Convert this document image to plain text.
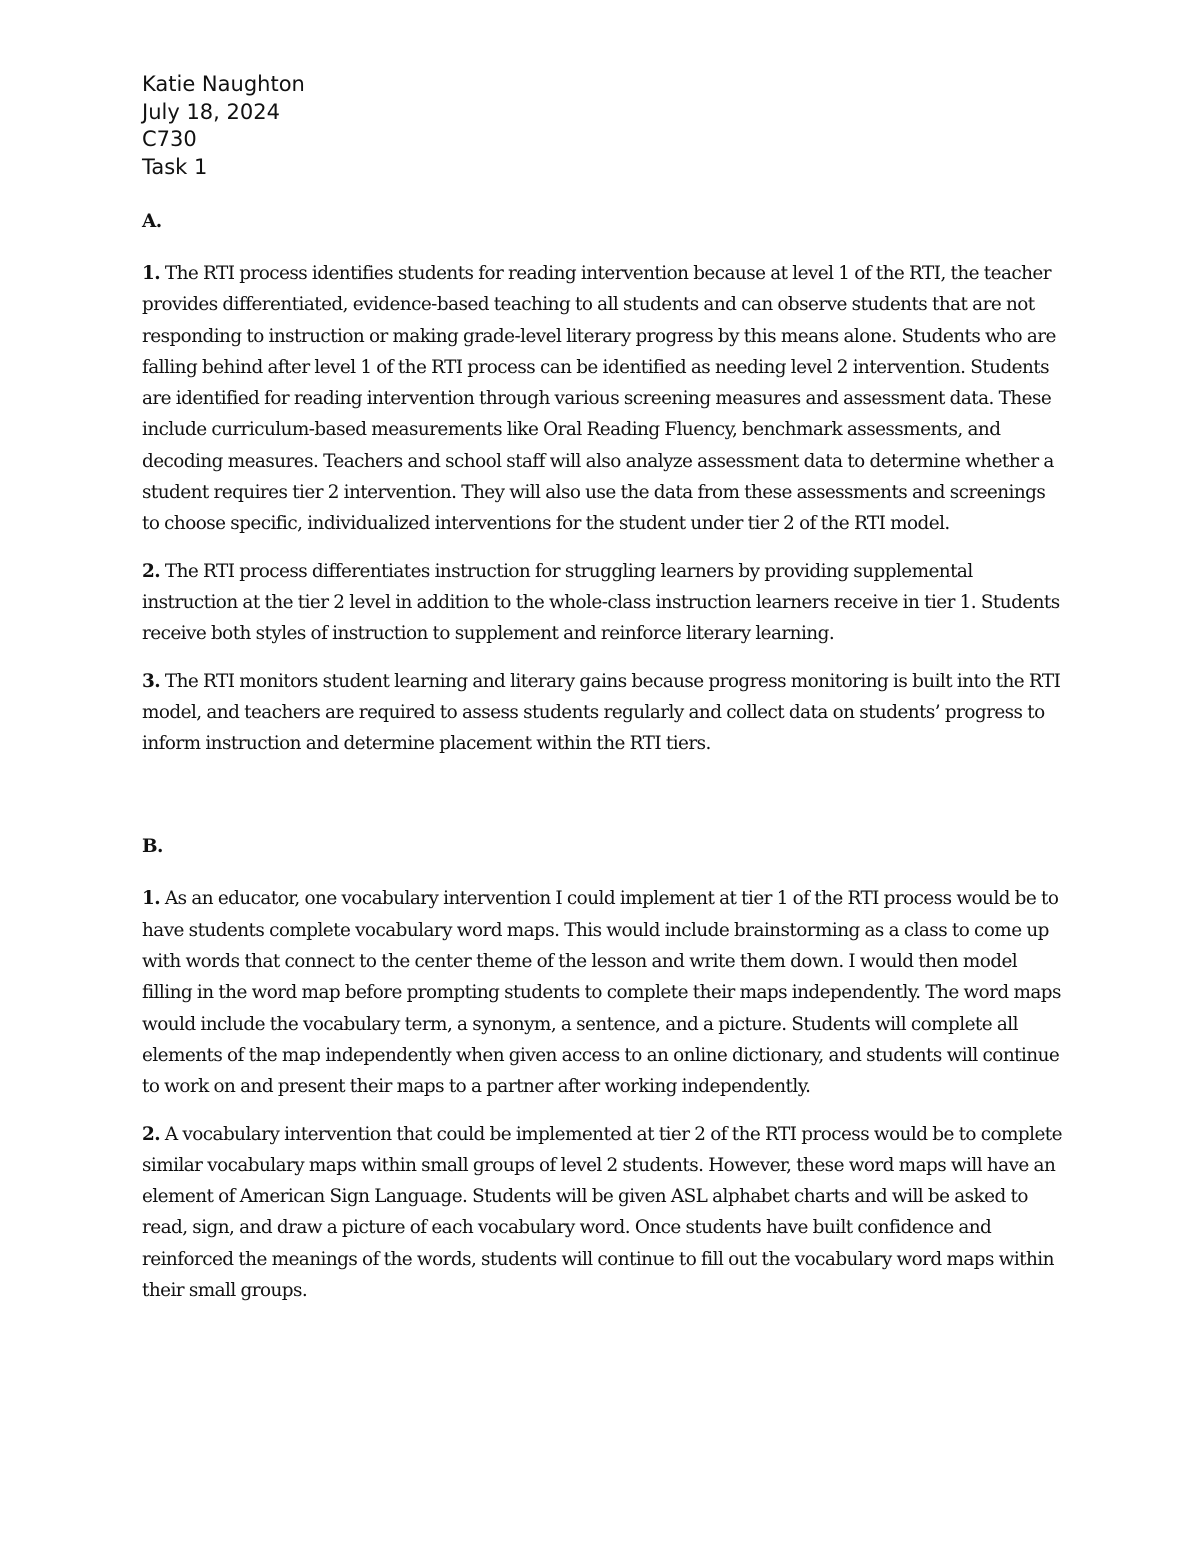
Katie Naughton
July 18, 2024
C730
Task 1

A.

1. The RTI process identifies students for reading intervention because at level 1 of the RTI, the teacher provides differentiated, evidence-based teaching to all students and can observe students that are not responding to instruction or making grade-level literary progress by this means alone. Students who are falling behind after level 1 of the RTI process can be identified as needing level 2 intervention. Students are identified for reading intervention through various screening measures and assessment data. These include curriculum-based measurements like Oral Reading Fluency, benchmark assessments, and decoding measures. Teachers and school staff will also analyze assessment data to determine whether a student requires tier 2 intervention. They will also use the data from these assessments and screenings to choose specific, individualized interventions for the student under tier 2 of the RTI model.

2. The RTI process differentiates instruction for struggling learners by providing supplemental instruction at the tier 2 level in addition to the whole-class instruction learners receive in tier 1. Students receive both styles of instruction to supplement and reinforce literary learning.

3. The RTI monitors student learning and literary gains because progress monitoring is built into the RTI model, and teachers are required to assess students regularly and collect data on students’ progress to inform instruction and determine placement within the RTI tiers.

B.

1. As an educator, one vocabulary intervention I could implement at tier 1 of the RTI process would be to have students complete vocabulary word maps. This would include brainstorming as a class to come up with words that connect to the center theme of the lesson and write them down. I would then model filling in the word map before prompting students to complete their maps independently. The word maps would include the vocabulary term, a synonym, a sentence, and a picture. Students will complete all elements of the map independently when given access to an online dictionary, and students will continue to work on and present their maps to a partner after working independently.

2. A vocabulary intervention that could be implemented at tier 2 of the RTI process would be to complete similar vocabulary maps within small groups of level 2 students. However, these word maps will have an element of American Sign Language. Students will be given ASL alphabet charts and will be asked to read, sign, and draw a picture of each vocabulary word. Once students have built confidence and reinforced the meanings of the words, students will continue to fill out the vocabulary word maps within their small groups.
